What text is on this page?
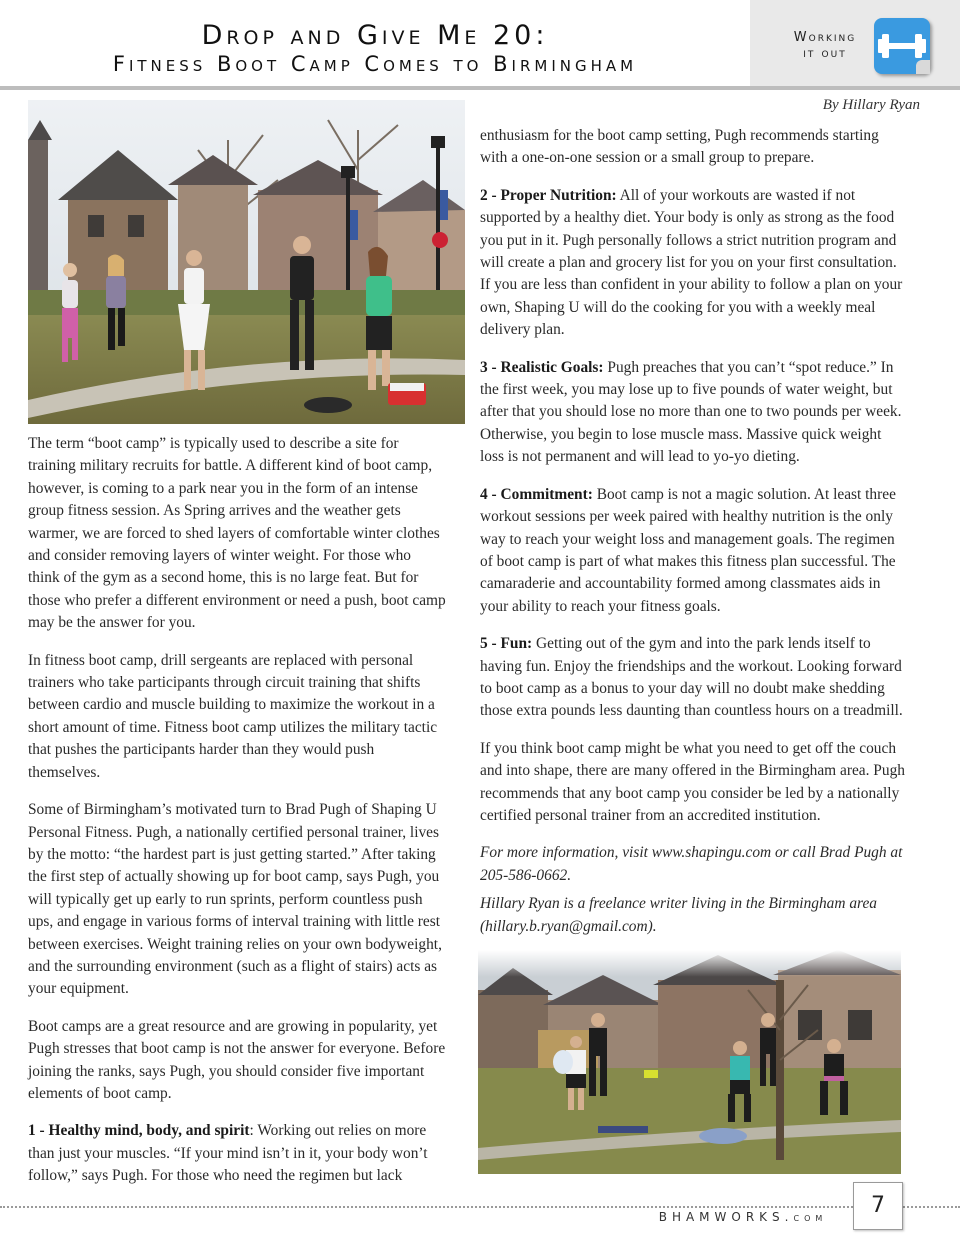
Drop and Give Me 20:
Fitness Boot Camp Comes to Birmingham
Working
it out
By Hillary Ryan

The term “boot camp” is typically used to describe a site for training military recruits for battle. A different kind of boot camp, however, is coming to a park near you in the form of an intense group fitness session. As Spring arrives and the weather gets warmer, we are forced to shed layers of comfortable winter clothes and consider removing layers of winter weight. For those who think of the gym as a second home, this is no large feat. But for those who prefer a different environment or need a push, boot camp may be the answer for you.

In fitness boot camp, drill sergeants are replaced with personal trainers who take participants through circuit training that shifts between cardio and muscle building to maximize the workout in a short amount of time. Fitness boot camp utilizes the military tactic that pushes the participants harder than they would push themselves.

Some of Birmingham’s motivated turn to Brad Pugh of Shaping U Personal Fitness. Pugh, a nationally certified personal trainer, lives by the motto: “the hardest part is just getting started.” After taking the first step of actually showing up for boot camp, says Pugh, you will typically get up early to run sprints, perform countless push ups, and engage in various forms of interval training with little rest between exercises. Weight training relies on your own bodyweight, and the surrounding environment (such as a flight of stairs) acts as your equipment.

Boot camps are a great resource and are growing in popularity, yet Pugh stresses that boot camp is not the answer for everyone. Before joining the ranks, says Pugh, you should consider five important elements of boot camp.

1 - Healthy mind, body, and spirit: Working out relies on more than just your muscles. “If your mind isn’t in it, your body won’t follow,” says Pugh. For those who need the regimen but lack

enthusiasm for the boot camp setting, Pugh recommends starting with a one-on-one session or a small group to prepare.

2 - Proper Nutrition: All of your workouts are wasted if not supported by a healthy diet. Your body is only as strong as the food you put in it. Pugh personally follows a strict nutrition program and will create a plan and grocery list for you on your first consultation. If you are less than confident in your ability to follow a plan on your own, Shaping U will do the cooking for you with a weekly meal delivery plan.

3 - Realistic Goals: Pugh preaches that you can’t “spot reduce.” In the first week, you may lose up to five pounds of water weight, but after that you should lose no more than one to two pounds per week. Otherwise, you begin to lose muscle mass. Massive quick weight loss is not permanent and will lead to yo-yo dieting.

4 - Commitment: Boot camp is not a magic solution. At least three workout sessions per week paired with healthy nutrition is the only way to reach your weight loss and management goals. The regimen of boot camp is part of what makes this fitness plan successful. The camaraderie and accountability formed among classmates aids in your ability to reach your fitness goals.

5 - Fun: Getting out of the gym and into the park lends itself to having fun. Enjoy the friendships and the workout. Looking forward to boot camp as a bonus to your day will no doubt make shedding those extra pounds less daunting than countless hours on a treadmill.

If you think boot camp might be what you need to get off the couch and into shape, there are many offered in the Birmingham area. Pugh recommends that any boot camp you consider be led by a nationally certified personal trainer from an accredited institution.

For more information, visit www.shapingu.com or call Brad Pugh at 205-586-0662.

Hillary Ryan is a freelance writer living in the Birmingham area (hillary.b.ryan@gmail.com).

BHAMWORKS.com	7
